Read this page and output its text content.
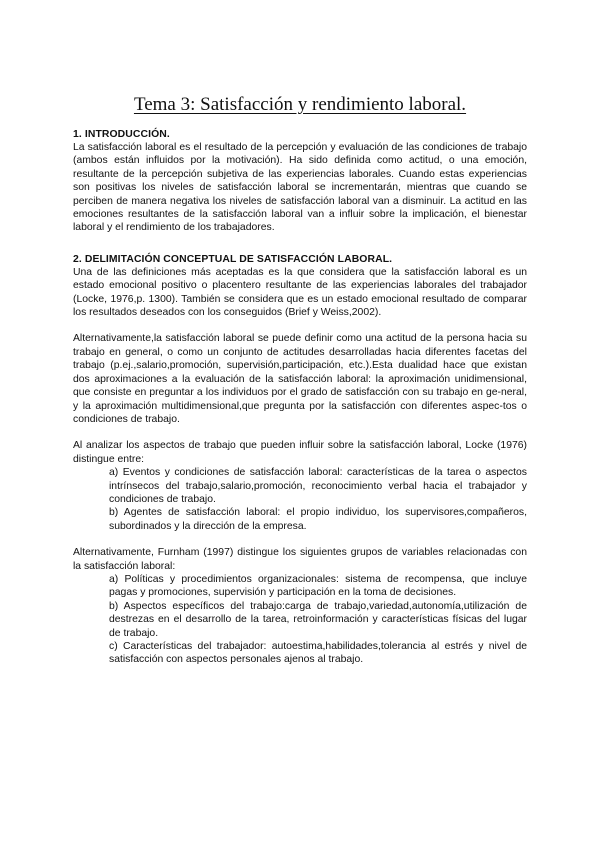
Tema 3: Satisfacción y rendimiento laboral.
1. INTRODUCCIÓN.

La satisfacción laboral es el resultado de la percepción y evaluación de las condiciones de trabajo (ambos están influidos por la motivación). Ha sido definida como actitud, o una emoción, resultante de la percepción subjetiva de las experiencias laborales. Cuando estas experiencias son positivas los niveles de satisfacción laboral se incrementarán, mientras que cuando se perciben de manera negativa los niveles de satisfacción laboral van a disminuir. La actitud en las emociones resultantes de la satisfacción laboral van a influir sobre la implicación, el bienestar laboral y el rendimiento de los trabajadores.

2. DELIMITACIÓN CONCEPTUAL DE SATISFACCIÓN LABORAL.

Una de las definiciones más aceptadas es la que considera que la satisfacción laboral es un estado emocional positivo o placentero resultante de las experiencias laborales del trabajador (Locke, 1976,p. 1300). También se considera que es un estado emocional resultado de comparar los resultados deseados con los conseguidos (Brief y Weiss,2002).

Alternativamente,la satisfacción laboral se puede definir como una actitud de la persona hacia su trabajo en general, o como un conjunto de actitudes desarrolladas hacia diferentes facetas del trabajo (p.ej.,salario,promoción, supervisión,participación, etc.).Esta dualidad hace que existan dos aproximaciones a la evaluación de la satisfacción laboral: la aproximación unidimensional, que consiste en preguntar a los individuos por el grado de satisfacción con su trabajo en ge-neral, y la aproximación multidimensional,que pregunta por la satisfacción con diferentes aspec-tos o condiciones de trabajo.

Al analizar los aspectos de trabajo que pueden influir sobre la satisfacción laboral, Locke (1976) distingue entre:

a) Eventos y condiciones de satisfacción laboral: características de la tarea o aspectos intrínsecos del trabajo,salario,promoción, reconocimiento verbal hacia el trabajador y condiciones de trabajo.

b) Agentes de satisfacción laboral: el propio individuo, los supervisores,compañeros, subordinados y la dirección de la empresa.

Alternativamente, Furnham (1997) distingue los siguientes grupos de variables relacionadas con la satisfacción laboral:

a) Políticas y procedimientos organizacionales: sistema de recompensa, que incluye pagas y promociones, supervisión y participación en la toma de decisiones.

b) Aspectos específicos del trabajo:carga de trabajo,variedad,autonomía,utilización de destrezas en el desarrollo de la tarea, retroinformación y características físicas del lugar de trabajo.

c) Características del trabajador: autoestima,habilidades,tolerancia al estrés y nivel de satisfacción con aspectos personales ajenos al trabajo.
